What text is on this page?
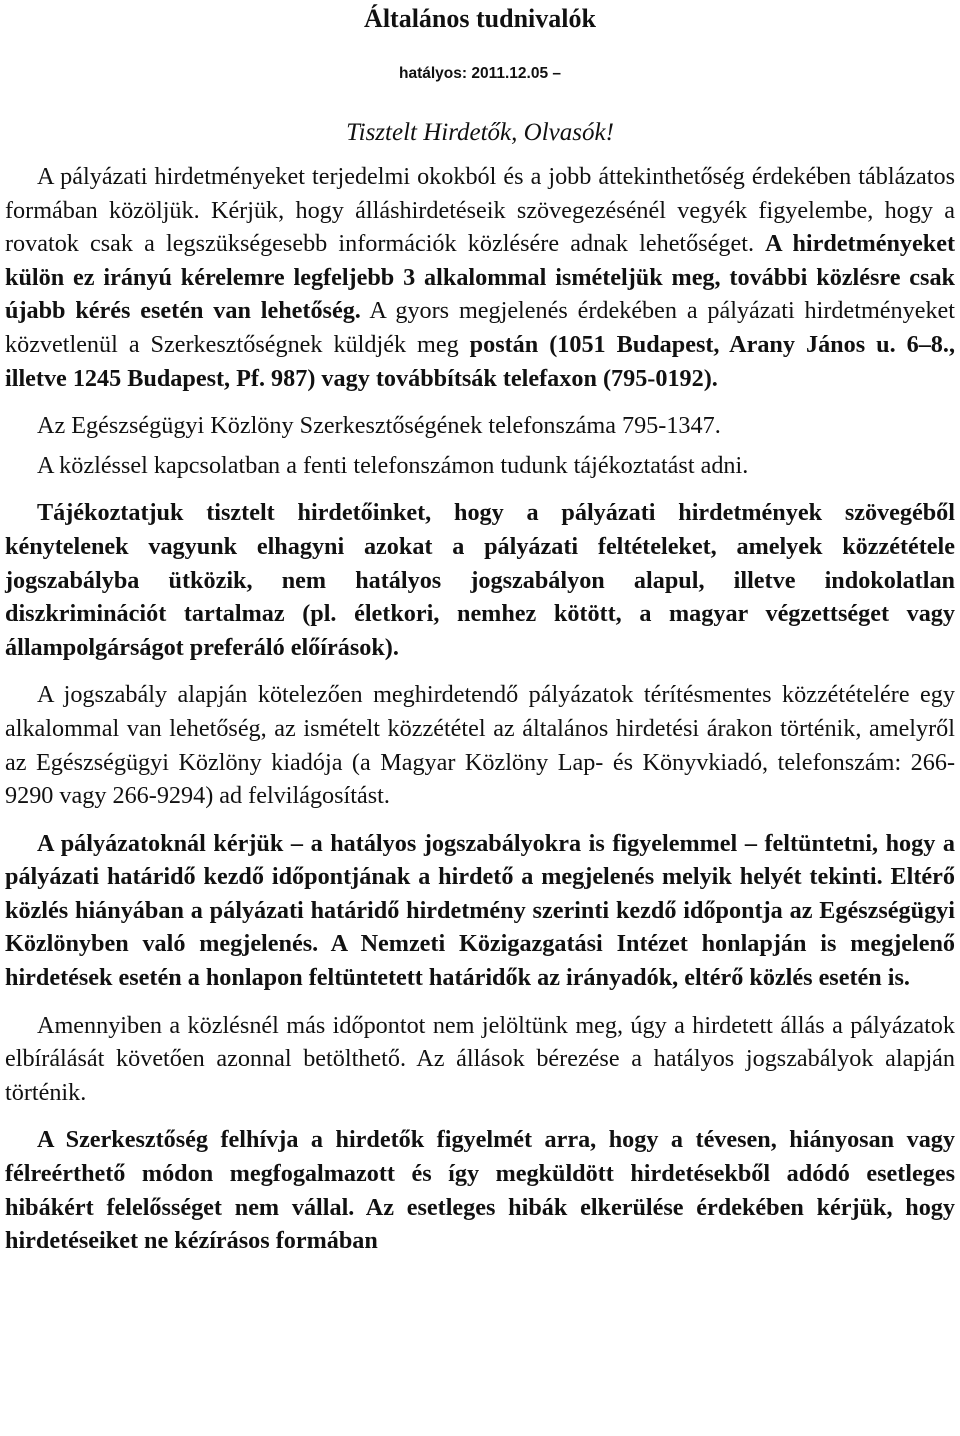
Általános tudnivalók
hatályos: 2011.12.05 –
Tisztelt Hirdetők, Olvasók!

A pályázati hirdetményeket terjedelmi okokból és a jobb áttekinthetőség érdekében táblázatos formában közöljük. Kérjük, hogy álláshirdetéseik szövegezésénél vegyék figyelembe, hogy a rovatok csak a legszükségesebb információk közlésére adnak lehetőséget. A hirdetményeket külön ez irányú kérelemre legfeljebb 3 alkalommal ismételjük meg, további közlésre csak újabb kérés esetén van lehetőség. A gyors megjelenés érdekében a pályázati hirdetményeket közvetlenül a Szerkesztőségnek küldjék meg postán (1051 Budapest, Arany János u. 6–8., illetve 1245 Budapest, Pf. 987) vagy továbbítsák telefaxon (795-0192).

Az Egészségügyi Közlöny Szerkesztőségének telefonszáma 795-1347.

A közléssel kapcsolatban a fenti telefonszámon tudunk tájékoztatást adni.

Tájékoztatjuk tisztelt hirdetőinket, hogy a pályázati hirdetmények szövegéből kénytelenek vagyunk elhagyni azokat a pályázati feltételeket, amelyek közzététele jogszabályba ütközik, nem hatályos jogszabályon alapul, illetve indokolatlan diszkriminációt tartalmaz (pl. életkori, nemhez kötött, a magyar végzettséget vagy állampolgárságot preferáló előírások).

A jogszabály alapján kötelezően meghirdetendő pályázatok térítésmentes közzétételére egy alkalommal van lehetőség, az ismételt közzététel az általános hirdetési árakon történik, amelyről az Egészségügyi Közlöny kiadója (a Magyar Közlöny Lap- és Könyvkiadó, telefonszám: 266-9290 vagy 266-9294) ad felvilágosítást.

A pályázatoknál kérjük – a hatályos jogszabályokra is figyelemmel – feltüntetni, hogy a pályázati határidő kezdő időpontjának a hirdető a megjelenés melyik helyét tekinti. Eltérő közlés hiányában a pályázati határidő hirdetmény szerinti kezdő időpontja az Egészségügyi Közlönyben való megjelenés. A Nemzeti Közigazgatási Intézet honlapján is megjelenő hirdetések esetén a honlapon feltüntetett határidők az irányadók, eltérő közlés esetén is.

Amennyiben a közlésnél más időpontot nem jelöltünk meg, úgy a hirdetett állás a pályázatok elbírálását követően azonnal betölthető. Az állások bérezése a hatályos jogszabályok alapján történik.

A Szerkesztőség felhívja a hirdetők figyelmét arra, hogy a tévesen, hiányosan vagy félreérthető módon megfogalmazott és így megküldött hirdetésekből adódó esetleges hibákért felelősséget nem vállal. Az esetleges hibák elkerülése érdekében kérjük, hogy hirdetéseiket ne kézírásos formában
